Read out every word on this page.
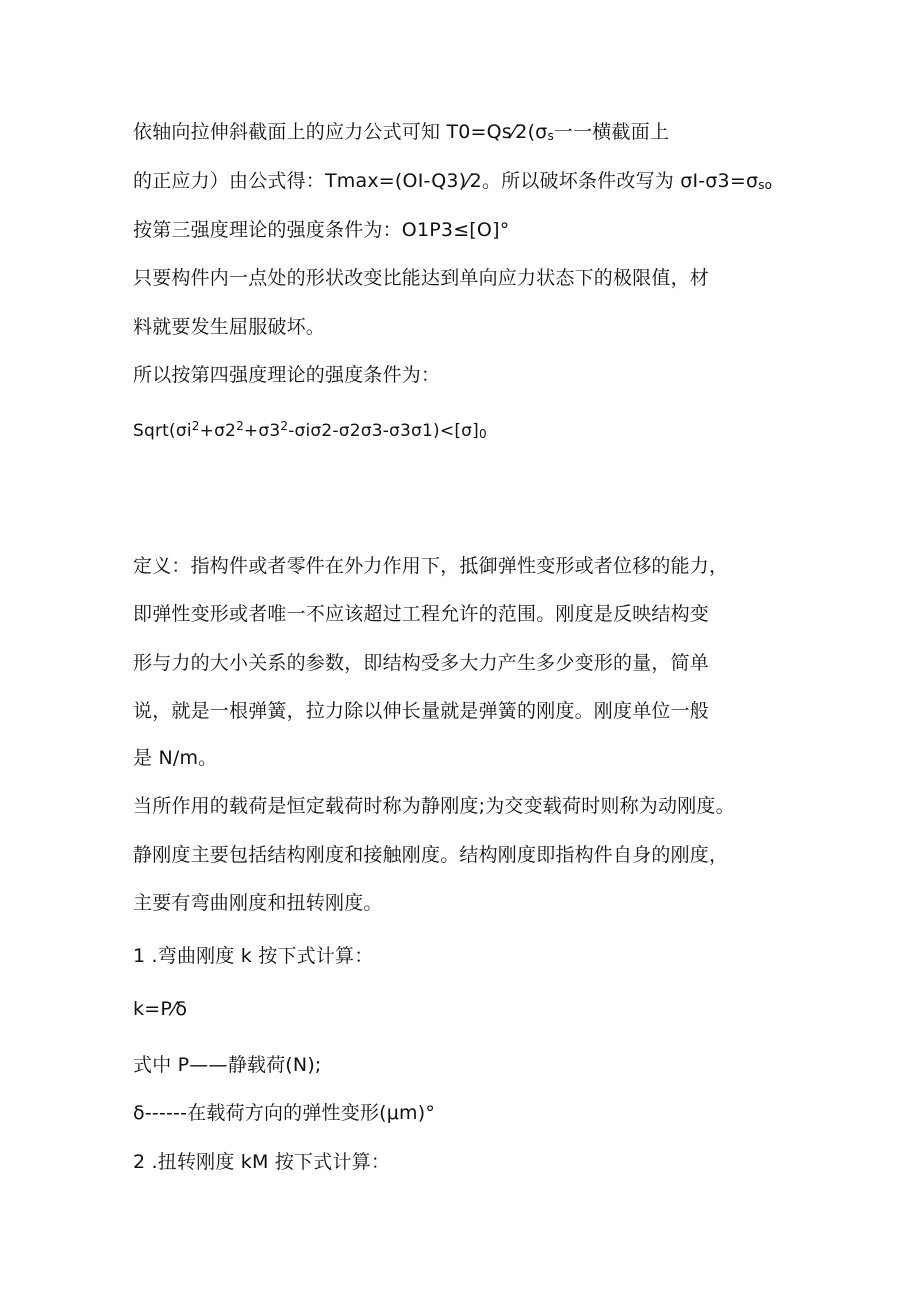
依轴向拉伸斜截面上的应力公式可知 T0=Qs⁄2(σs一一横截面上
的正应力）由公式得：Tmax=(OI-Q3)⁄2。所以破坏条件改写为 σI-σ3=σso
按第三强度理论的强度条件为：O1P3≤[O]°
只要构件内一点处的形状改变比能达到单向应力状态下的极限值，材
料就要发生屈服破坏。
所以按第四强度理论的强度条件为：
$Sqrt(\sigma i^2+\sigma 2^2+\sigma 3^2-\sigma i\sigma 2-\sigma 2\sigma 3-\sigma 3\sigma 1)<[\sigma]0$
定义：指构件或者零件在外力作用下，抵御弹性变形或者位移的能力，
即弹性变形或者唯一不应该超过工程允许的范围。刚度是反映结构变
形与力的大小关系的参数，即结构受多大力产生多少变形的量，简单
说，就是一根弹簧，拉力除以伸长量就是弹簧的刚度。刚度单位一般
是 N/m。
当所作用的载荷是恒定载荷时称为静刚度;为交变载荷时则称为动刚度。
静刚度主要包括结构刚度和接触刚度。结构刚度即指构件自身的刚度，
主要有弯曲刚度和扭转刚度。
1 .弯曲刚度 k 按下式计算：
k=P⁄δ
式中 P——静载荷(N);
δ------在载荷方向的弹性变形(μm)°
2 .扭转刚度 kM 按下式计算：
